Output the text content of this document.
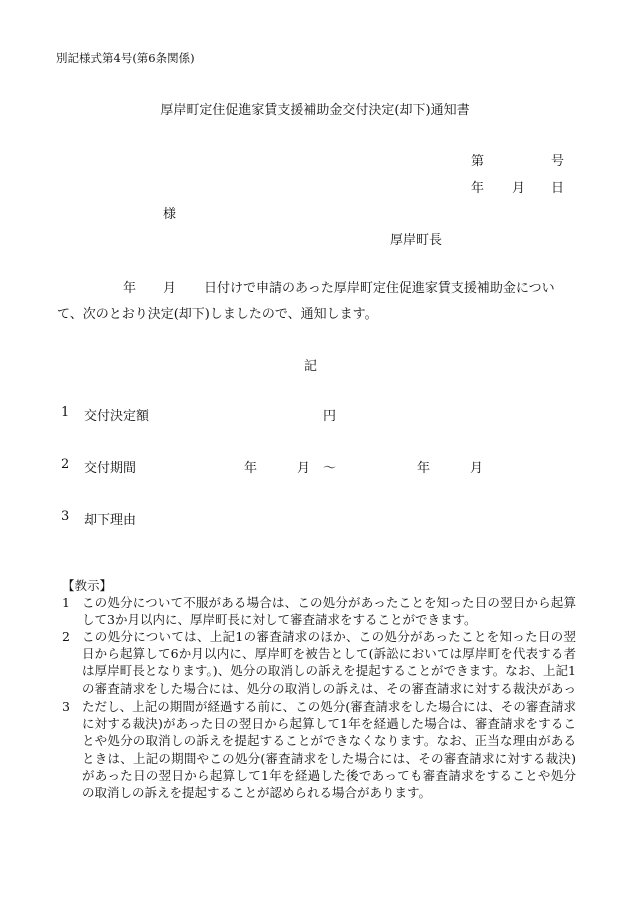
別記様式第4号(第6条関係)
厚岸町定住促進家賃支援補助金交付決定(却下)通知書
第	号
年 月 日
様
厚岸町長
年 月 日付けで申請のあった厚岸町定住促進家賃支援補助金につい
て、次のとおり決定(却下)しましたので、通知します。
記
1 交付決定額	円
2 交付期間	年	月 〜	年	月
3 却下理由
【教示】
1 この処分について不服がある場合は、この処分があったことを知った日の翌日から起算して3か月以内に、厚岸町長に対して審査請求をすることができます。
2 この処分については、上記1の審査請求のほか、この処分があったことを知った日の翌日から起算して6か月以内に、厚岸町を被告として(訴訟においては厚岸町を代表する者は厚岸町長となります。)、処分の取消しの訴えを提起することができます。なお、上記1の審査請求をした場合には、処分の取消しの訴えは、その審査請求に対する裁決があっ
3 ただし、上記の期間が経過する前に、この処分(審査請求をした場合には、その審査請求に対する裁決)があった日の翌日から起算して1年を経過した場合は、審査請求をすることや処分の取消しの訴えを提起することができなくなります。なお、正当な理由があるときは、上記の期間やこの処分(審査請求をした場合には、その審査請求に対する裁決)があった日の翌日から起算して1年を経過した後であっても審査請求をすることや処分の取消しの訴えを提起することが認められる場合があります。
